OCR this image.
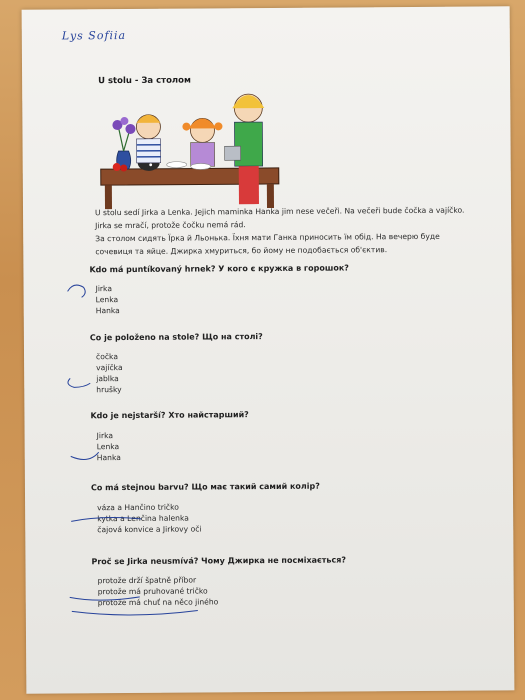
Lys Sofiia
U stolu - За столом
U stolu sedí Jirka a Lenka. Jejich maminka Hanka jim nese večeři. Na večeři bude čočka a vajíčko. Jirka se mračí, protože čočku nemá rád.
За столом сидять Їрка й Льонька. Їхня мати Ганка приносить їм обід. На вечерю буде сочевиця та яйце. Джирка хмуриться, бо йому не подобається об'єктив.
Kdo má puntíkovaný hrnek? У кого є кружка в горошок?
Jirka
Lenka
Hanka
Co je položeno na stole? Що на столі?
čočka
vajíčka
jablka
hrušky
Kdo je nejstarší? Хто найстарший?
Jirka
Lenka
Hanka
Co má stejnou barvu? Що має такий самий колір?
váza a Hančino tričko
kytka a Lenčina halenka
čajová konvice a Jirkovy oči
Proč se Jirka neusmívá? Чому Джирка не посміхається?
protože drží špatně příbor
protože má pruhované tričko
protože má chuť na něco jiného
